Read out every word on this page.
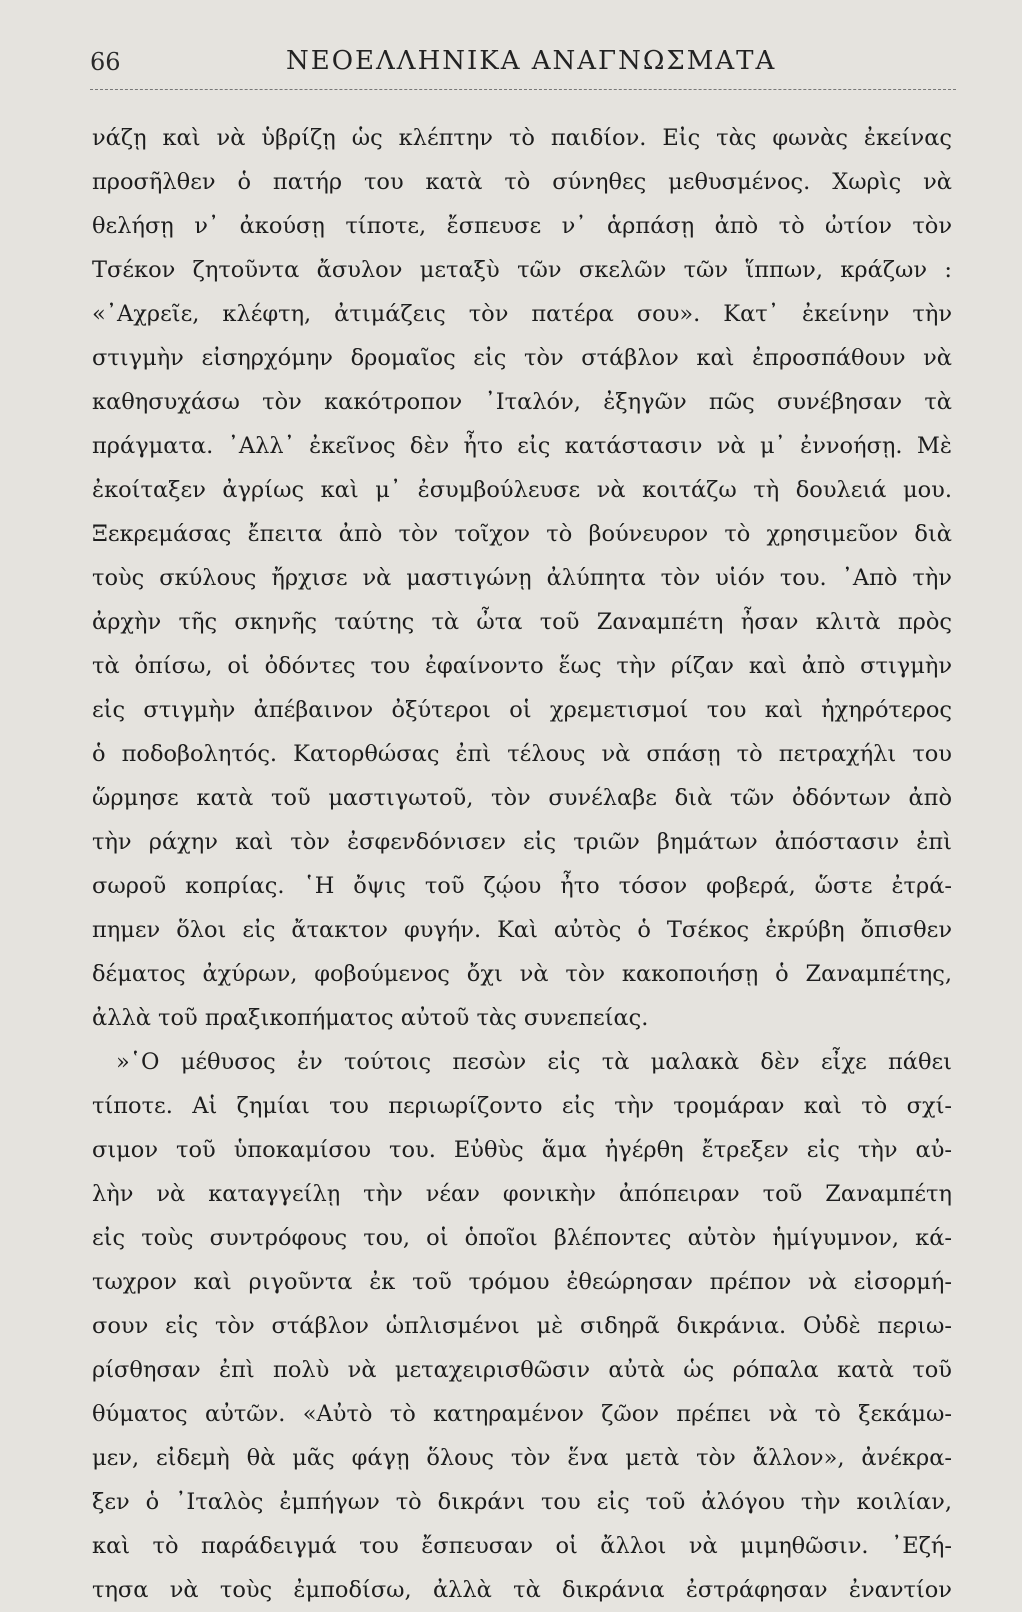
66	ΝΕΟΕΛΛΗΝΙΚΑ ΑΝΑΓΝΩΣΜΑΤΑ
νάζῃ καὶ νὰ ὑβρίζῃ ὡς κλέπτην τὸ παιδίον. Εἰς τὰς φωνὰς ἐκείνας
προσῆλθεν ὁ πατήρ του κατὰ τὸ σύνηθες μεθυσμένος. Χωρὶς νὰ
θελήσῃ ν᾽ ἀκούσῃ τίποτε, ἔσπευσε ν᾽ ἁρπάσῃ ἀπὸ τὸ ὠτίον τὸν
Τσέκον ζητοῦντα ἄσυλον μεταξὺ τῶν σκελῶν τῶν ἵππων, κράζων :
«᾽Αχρεῖε, κλέφτη, ἀτιμάζεις τὸν πατέρα σου». Κατ᾽ ἐκείνην τὴν
στιγμὴν εἰσηρχόμην δρομαῖος εἰς τὸν στάβλον καὶ ἐπροσπάθουν νὰ
καθησυχάσω τὸν κακότροπον ᾽Ιταλόν, ἐξηγῶν πῶς συνέβησαν τὰ
πράγματα. ᾽Αλλ᾽ ἐκεῖνος δὲν ἦτο εἰς κατάστασιν νὰ μ᾽ ἐννοήσῃ. Μὲ
ἐκοίταξεν ἀγρίως καὶ μ᾽ ἐσυμβούλευσε νὰ κοιτάζω τὴ δουλειά μου.
Ξεκρεμάσας ἔπειτα ἀπὸ τὸν τοῖχον τὸ βούνευρον τὸ χρησιμεῦον διὰ
τοὺς σκύλους ἤρχισε νὰ μαστιγώνῃ ἀλύπητα τὸν υἱόν του. ᾽Απὸ τὴν
ἀρχὴν τῆς σκηνῆς ταύτης τὰ ὦτα τοῦ Ζαναμπέτη ἦσαν κλιτὰ πρὸς
τὰ ὀπίσω, οἱ ὀδόντες του ἐφαίνοντο ἕως τὴν ρίζαν καὶ ἀπὸ στιγμὴν
εἰς στιγμὴν ἀπέβαινον ὀξύτεροι οἱ χρεμετισμοί του καὶ ἠχηρότερος
ὁ ποδοβολητός. Κατορθώσας ἐπὶ τέλους νὰ σπάσῃ τὸ πετραχήλι του
ὥρμησε κατὰ τοῦ μαστιγωτοῦ, τὸν συνέλαβε διὰ τῶν ὀδόντων ἀπὸ
τὴν ράχην καὶ τὸν ἐσφενδόνισεν εἰς τριῶν βημάτων ἀπόστασιν ἐπὶ
σωροῦ κοπρίας. ῾Η ὄψις τοῦ ζῴου ἦτο τόσον φοβερά, ὥστε ἐτρά-
πημεν ὅλοι εἰς ἄτακτον φυγήν. Καὶ αὐτὸς ὁ Τσέκος ἐκρύβη ὄπισθεν
δέματος ἀχύρων, φοβούμενος ὄχι νὰ τὸν κακοποιήσῃ ὁ Ζαναμπέτης,
ἀλλὰ τοῦ πραξικοπήματος αὐτοῦ τὰς συνεπείας.
»῾Ο μέθυσος ἐν τούτοις πεσὼν εἰς τὰ μαλακὰ δὲν εἶχε πάθει
τίποτε. Αἱ ζημίαι του περιωρίζοντο εἰς τὴν τρομάραν καὶ τὸ σχί-
σιμον τοῦ ὑποκαμίσου του. Εὐθὺς ἅμα ἠγέρθη ἔτρεξεν εἰς τὴν αὐ-
λὴν νὰ καταγγείλῃ τὴν νέαν φονικὴν ἀπόπειραν τοῦ Ζαναμπέτη
εἰς τοὺς συντρόφους του, οἱ ὁποῖοι βλέποντες αὐτὸν ἡμίγυμνον, κά-
τωχρον καὶ ριγοῦντα ἐκ τοῦ τρόμου ἐθεώρησαν πρέπον νὰ εἰσορμή-
σουν εἰς τὸν στάβλον ὡπλισμένοι μὲ σιδηρᾶ δικράνια. Οὐδὲ περιω-
ρίσθησαν ἐπὶ πολὺ νὰ μεταχειρισθῶσιν αὐτὰ ὡς ρόπαλα κατὰ τοῦ
θύματος αὐτῶν. «Αὐτὸ τὸ κατηραμένον ζῶον πρέπει νὰ τὸ ξεκάμω-
μεν, εἰδεμὴ θὰ μᾶς φάγῃ ὅλους τὸν ἕνα μετὰ τὸν ἄλλον», ἀνέκρα-
ξεν ὁ ᾽Ιταλὸς ἐμπήγων τὸ δικράνι του εἰς τοῦ ἀλόγου τὴν κοιλίαν,
καὶ τὸ παράδειγμά του ἔσπευσαν οἱ ἄλλοι νὰ μιμηθῶσιν. ᾽Εζή-
τησα νὰ τοὺς ἐμποδίσω, ἀλλὰ τὰ δικράνια ἐστράφησαν ἐναντίον
